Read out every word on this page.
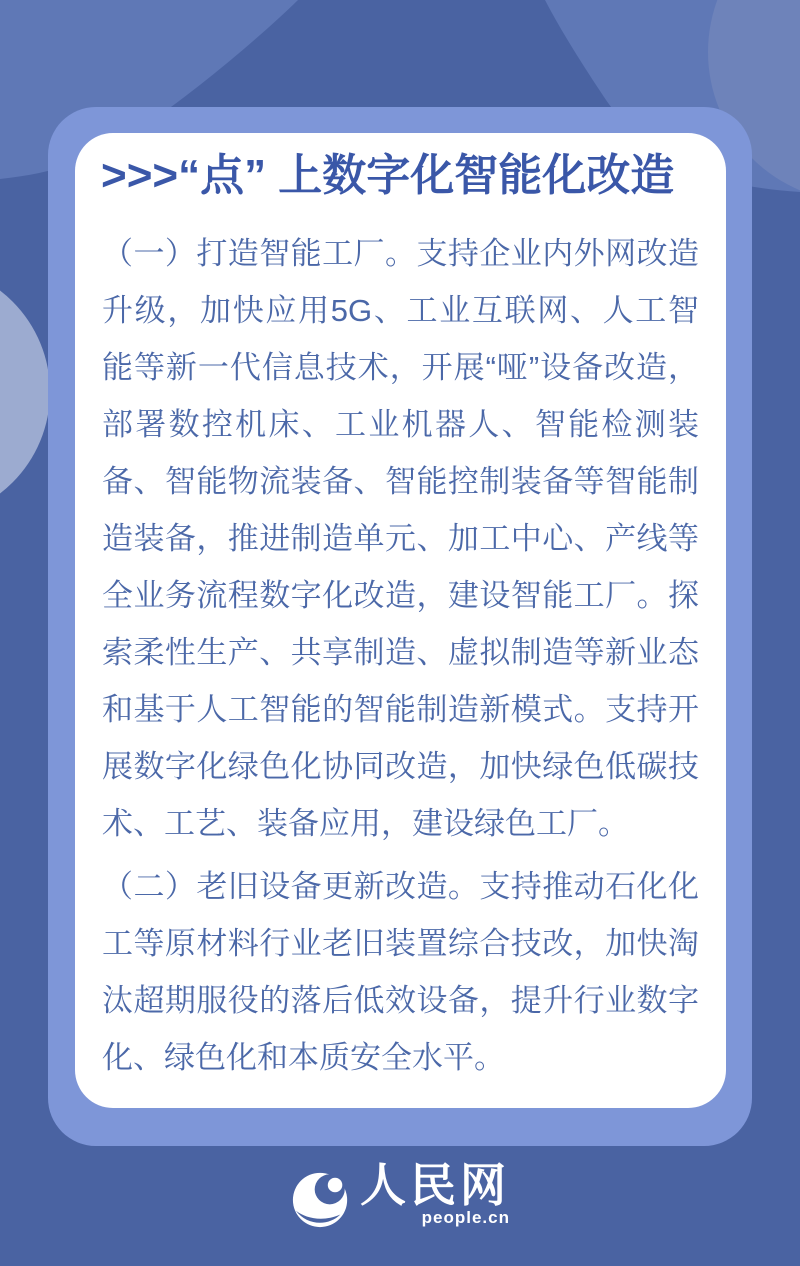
>>>“点” 上数字化智能化改造

（一）打造智能工厂。支持企业内外网改造升级，加快应用5G、工业互联网、人工智能等新一代信息技术，开展“哑”设备改造，部署数控机床、工业机器人、智能检测装备、智能物流装备、智能控制装备等智能制造装备，推进制造单元、加工中心、产线等全业务流程数字化改造，建设智能工厂。探索柔性生产、共享制造、虚拟制造等新业态和基于人工智能的智能制造新模式。支持开展数字化绿色化协同改造，加快绿色低碳技术、工艺、装备应用，建设绿色工厂。

（二）老旧设备更新改造。支持推动石化化工等原材料行业老旧装置综合技改，加快淘汰超期服役的落后低效设备，提升行业数字化、绿色化和本质安全水平。

人民网
people.cn
